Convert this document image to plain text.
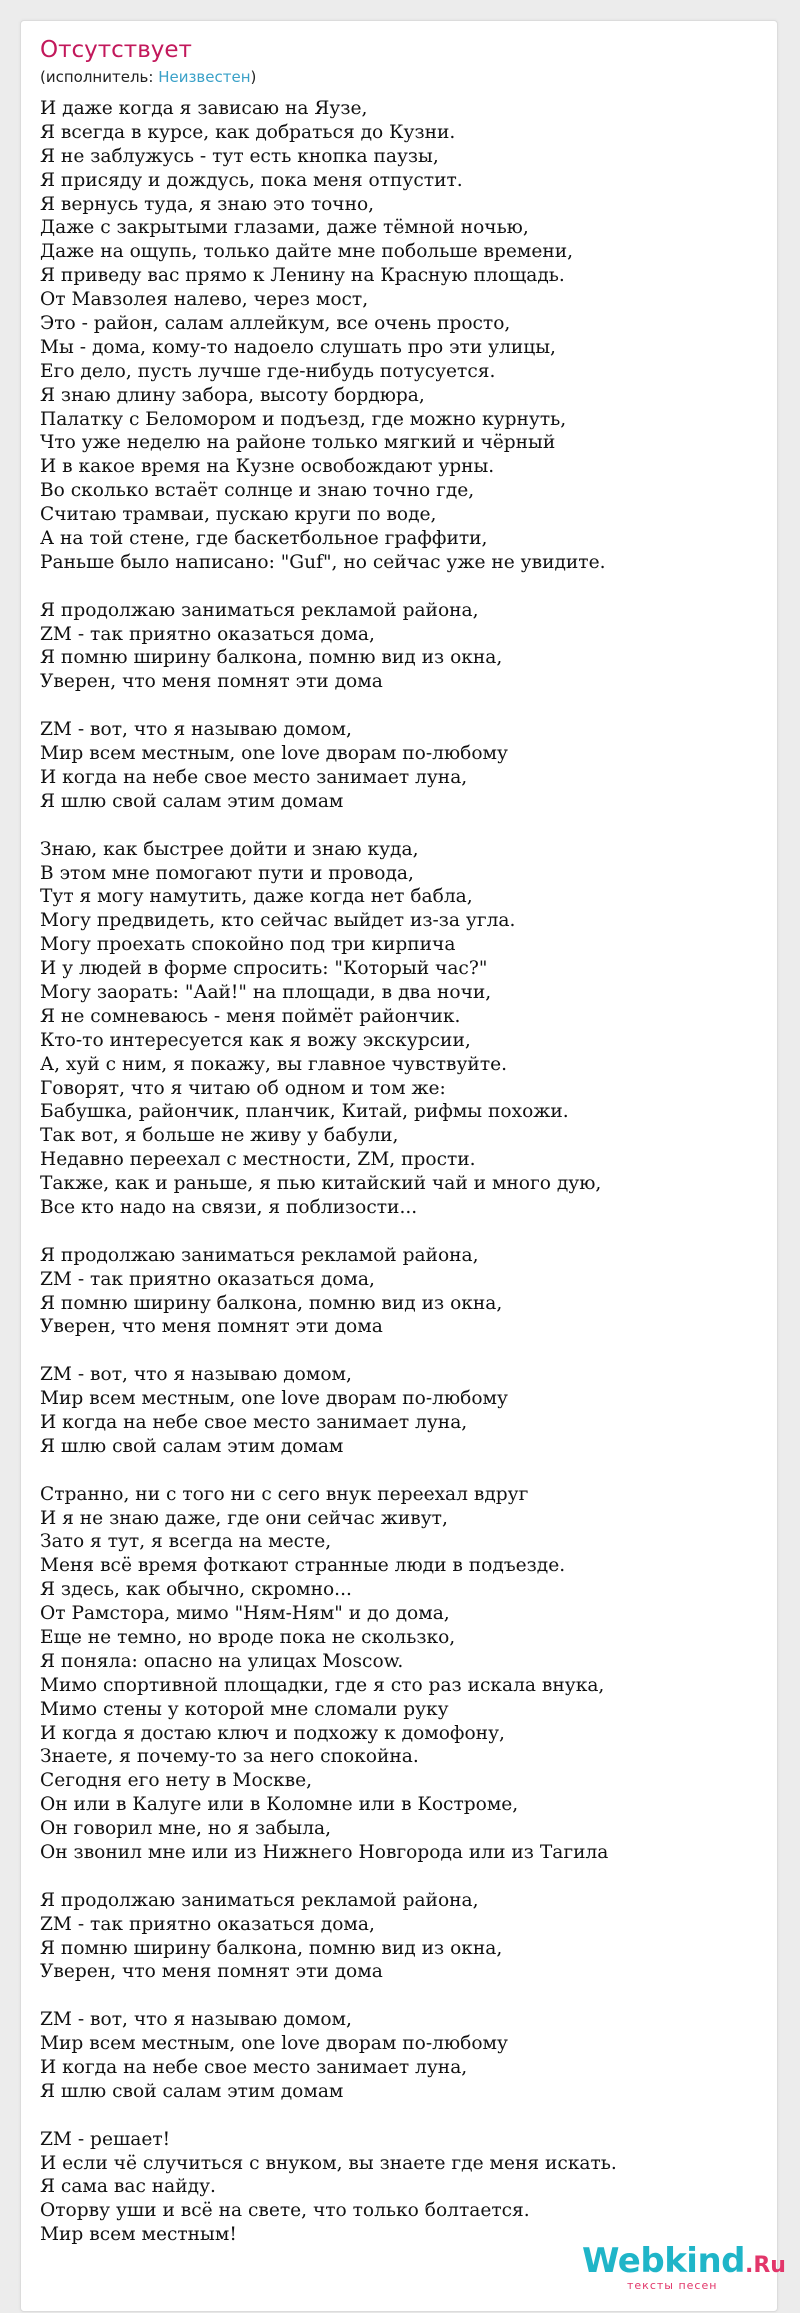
Отсутствует
(исполнитель: Неизвестен)
И даже когда я зависаю на Яузе,
Я всегда в курсе, как добраться до Кузни.
Я не заблужусь - тут есть кнопка паузы,
Я присяду и дождусь, пока меня отпустит.
Я вернусь туда, я знаю это точно,
Даже с закрытыми глазами, даже тёмной ночью,
Даже на ощупь, только дайте мне побольше времени,
Я приведу вас прямо к Ленину на Красную площадь.
От Мавзолея налево, через мост,
Это - район, салам аллейкум, все очень просто,
Мы - дома, кому-то надоело слушать про эти улицы,
Его дело, пусть лучше где-нибудь потусуется.
Я знаю длину забора, высоту бордюра,
Палатку с Беломором и подъезд, где можно курнуть,
Что уже неделю на районе только мягкий и чёрный
И в какое время на Кузне освобождают урны.
Во сколько встаёт солнце и знаю точно где,
Считаю трамваи, пускаю круги по воде,
А на той стене, где баскетбольное граффити,
Раньше было написано: "Guf", но сейчас уже не увидите.
Я продолжаю заниматься рекламой района,
ZM - так приятно оказаться дома,
Я помню ширину балкона, помню вид из окна,
Уверен, что меня помнят эти дома
ZM - вот, что я называю домом,
Мир всем местным, one love дворам по-любому
И когда на небе свое место занимает луна,
Я шлю свой салам этим домам
Знаю, как быстрее дойти и знаю куда,
В этом мне помогают пути и провода,
Тут я могу намутить, даже когда нет бабла,
Могу предвидеть, кто сейчас выйдет из-за угла.
Могу проехать спокойно под три кирпича
И у людей в форме спросить: "Который час?"
Могу заорать: "Аай!" на площади, в два ночи,
Я не сомневаюсь - меня поймёт райончик.
Кто-то интересуется как я вожу экскурсии,
А, хуй с ним, я покажу, вы главное чувствуйте.
Говорят, что я читаю об одном и том же:
Бабушка, райончик, планчик, Китай, рифмы похожи.
Так вот, я больше не живу у бабули,
Недавно переехал с местности, ZM, прости.
Также, как и раньше, я пью китайский чай и много дую,
Все кто надо на связи, я поблизости...
Я продолжаю заниматься рекламой района,
ZM - так приятно оказаться дома,
Я помню ширину балкона, помню вид из окна,
Уверен, что меня помнят эти дома
ZM - вот, что я называю домом,
Мир всем местным, one love дворам по-любому
И когда на небе свое место занимает луна,
Я шлю свой салам этим домам
Странно, ни с того ни с сего внук переехал вдруг
И я не знаю даже, где они сейчас живут,
Зато я тут, я всегда на месте,
Меня всё время фоткают странные люди в подъезде.
Я здесь, как обычно, скромно...
От Рамстора, мимо "Ням-Ням" и до дома,
Еще не темно, но вроде пока не скользко,
Я поняла: опасно на улицах Moscow.
Мимо спортивной площадки, где я сто раз искала внука,
Мимо стены у которой мне сломали руку
И когда я достаю ключ и подхожу к домофону,
Знаете, я почему-то за него спокойна.
Сегодня его нету в Москве,
Он или в Калуге или в Коломне или в Костроме,
Он говорил мне, но я забыла,
Он звонил мне или из Нижнего Новгорода или из Тагила
Я продолжаю заниматься рекламой района,
ZM - так приятно оказаться дома,
Я помню ширину балкона, помню вид из окна,
Уверен, что меня помнят эти дома
ZM - вот, что я называю домом,
Мир всем местным, one love дворам по-любому
И когда на небе свое место занимает луна,
Я шлю свой салам этим домам
ZM - решает!
И если чё случиться с внуком, вы знаете где меня искать.
Я сама вас найду.
Оторву уши и всё на свете, что только болтается.
Мир всем местным!
Webkind.Ru
тексты песен
